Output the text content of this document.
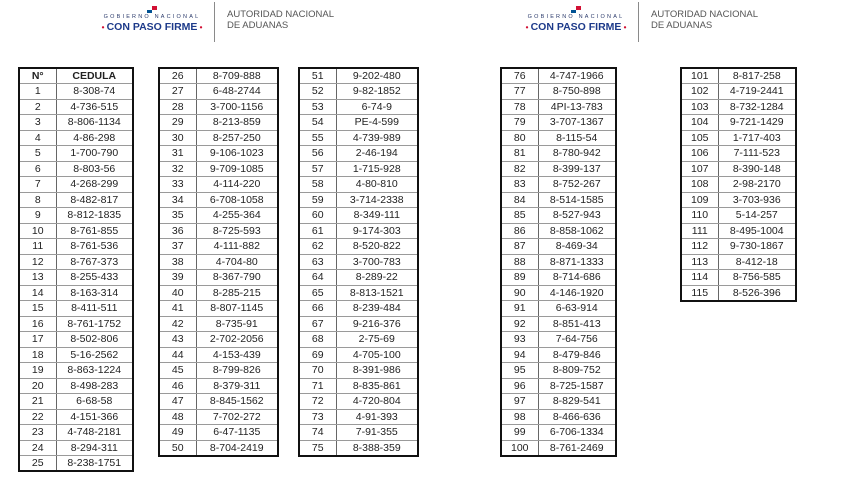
GOBIERNO NACIONAL
• CON PASO FIRME •
AUTORIDAD NACIONAL
DE ADUANAS
GOBIERNO NACIONAL
• CON PASO FIRME •
AUTORIDAD NACIONAL
DE ADUANAS
N°	CEDULA
1	8-308-74
2	4-736-515
3	8-806-1134
4	4-86-298
5	1-700-790
6	8-803-56
7	4-268-299
8	8-482-817
9	8-812-1835
10	8-761-855
11	8-761-536
12	8-767-373
13	8-255-433
14	8-163-314
15	8-411-511
16	8-761-1752
17	8-502-806
18	5-16-2562
19	8-863-1224
20	8-498-283
21	6-68-58
22	4-151-366
23	4-748-2181
24	8-294-311
25	8-238-1751
26	8-709-888
27	6-48-2744
28	3-700-1156
29	8-213-859
30	8-257-250
31	9-106-1023
32	9-709-1085
33	4-114-220
34	6-708-1058
35	4-255-364
36	8-725-593
37	4-111-882
38	4-704-80
39	8-367-790
40	8-285-215
41	8-807-1145
42	8-735-91
43	2-702-2056
44	4-153-439
45	8-799-826
46	8-379-311
47	8-845-1562
48	7-702-272
49	6-47-1135
50	8-704-2419
51	9-202-480
52	9-82-1852
53	6-74-9
54	PE-4-599
55	4-739-989
56	2-46-194
57	1-715-928
58	4-80-810
59	3-714-2338
60	8-349-111
61	9-174-303
62	8-520-822
63	3-700-783
64	8-289-22
65	8-813-1521
66	8-239-484
67	9-216-376
68	2-75-69
69	4-705-100
70	8-391-986
71	8-835-861
72	4-720-804
73	4-91-393
74	7-91-355
75	8-388-359
76	4-747-1966
77	8-750-898
78	4PI-13-783
79	3-707-1367
80	8-115-54
81	8-780-942
82	8-399-137
83	8-752-267
84	8-514-1585
85	8-527-943
86	8-858-1062
87	8-469-34
88	8-871-1333
89	8-714-686
90	4-146-1920
91	6-63-914
92	8-851-413
93	7-64-756
94	8-479-846
95	8-809-752
96	8-725-1587
97	8-829-541
98	8-466-636
99	6-706-1334
100	8-761-2469
101	8-817-258
102	4-719-2441
103	8-732-1284
104	9-721-1429
105	1-717-403
106	7-111-523
107	8-390-148
108	2-98-2170
109	3-703-936
110	5-14-257
111	8-495-1004
112	9-730-1867
113	8-412-18
114	8-756-585
115	8-526-396
